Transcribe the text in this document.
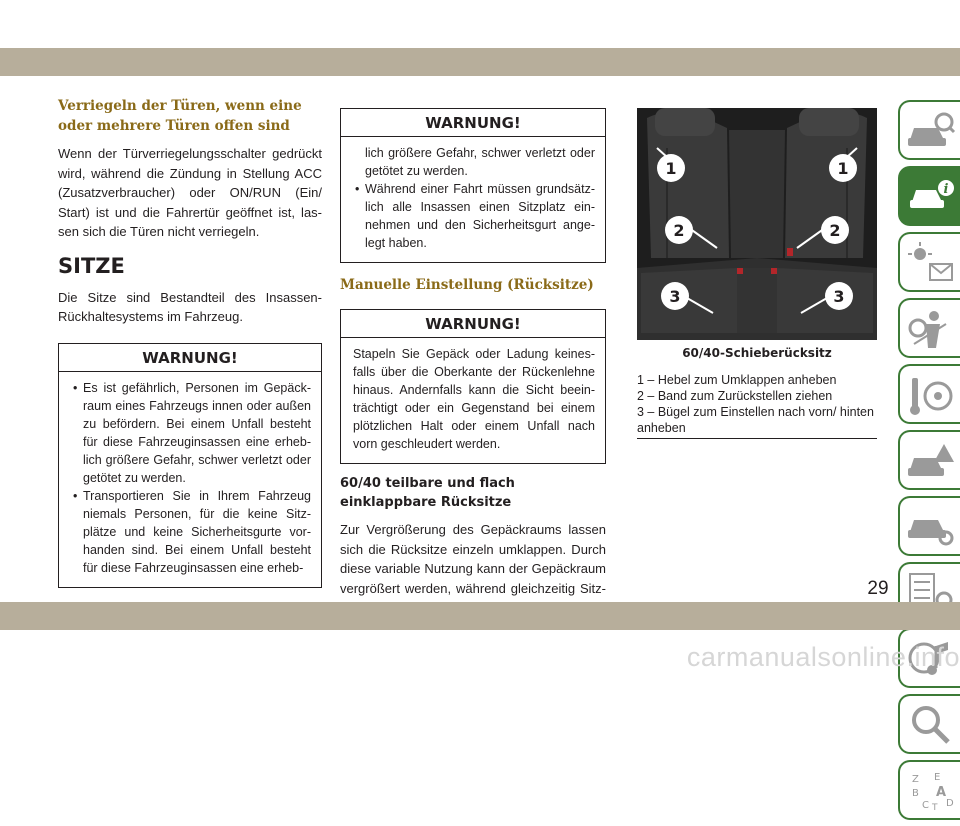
Verriegeln der Türen, wenn eine oder mehrere Türen offen sind

Wenn der Türverriegelungsschalter gedrückt wird, während die Zündung in Stellung ACC (Zusatzverbraucher) oder ON/RUN (Ein/ Start) ist und die Fahrertür geöffnet ist, las- sen sich die Türen nicht verriegeln.

SITZE

Die Sitze sind Bestandteil des Insassen- Rückhaltesystems im Fahrzeug.

WARNUNG!
• Es ist gefährlich, Personen im Gepäck- raum eines Fahrzeugs innen oder außen zu befördern. Bei einem Unfall besteht für diese Fahrzeuginsassen eine erheb- lich größere Gefahr, schwer verletzt oder getötet zu werden.
• Transportieren Sie in Ihrem Fahrzeug niemals Personen, für die keine Sitz- plätze und keine Sicherheitsgurte vor- handen sind. Bei einem Unfall besteht für diese Fahrzeuginsassen eine erheb-
WARNUNG!
lich größere Gefahr, schwer verletzt oder getötet zu werden.
• Während einer Fahrt müssen grundsätz- lich alle Insassen einen Sitzplatz ein- nehmen und den Sicherheitsgurt ange- legt haben.
Manuelle Einstellung (Rücksitze)
WARNUNG!

Stapeln Sie Gepäck oder Ladung keines- falls über die Oberkante der Rückenlehne hinaus. Andernfalls kann die Sicht beein- trächtigt oder ein Gegenstand bei einem plötzlichen Halt oder einem Unfall nach vorn geschleudert werden.

60/40 teilbare und flach einklappbare Rücksitze

Zur Vergrößerung des Gepäckraums lassen sich die Rücksitze einzeln umklappen. Durch diese variable Nutzung kann der Gepäckraum vergrößert werden, während gleichzeitig Sitz-

1	1
2	2
3	3
60/40-Schieberücksitz
1 – Hebel zum Umklappen anheben
2 – Band zum Zurückstellen ziehen
3 – Bügel zum Einstellen nach vorn/ hinten anheben
i
Z E
B A
C D
T
29
carmanualsonline.info
